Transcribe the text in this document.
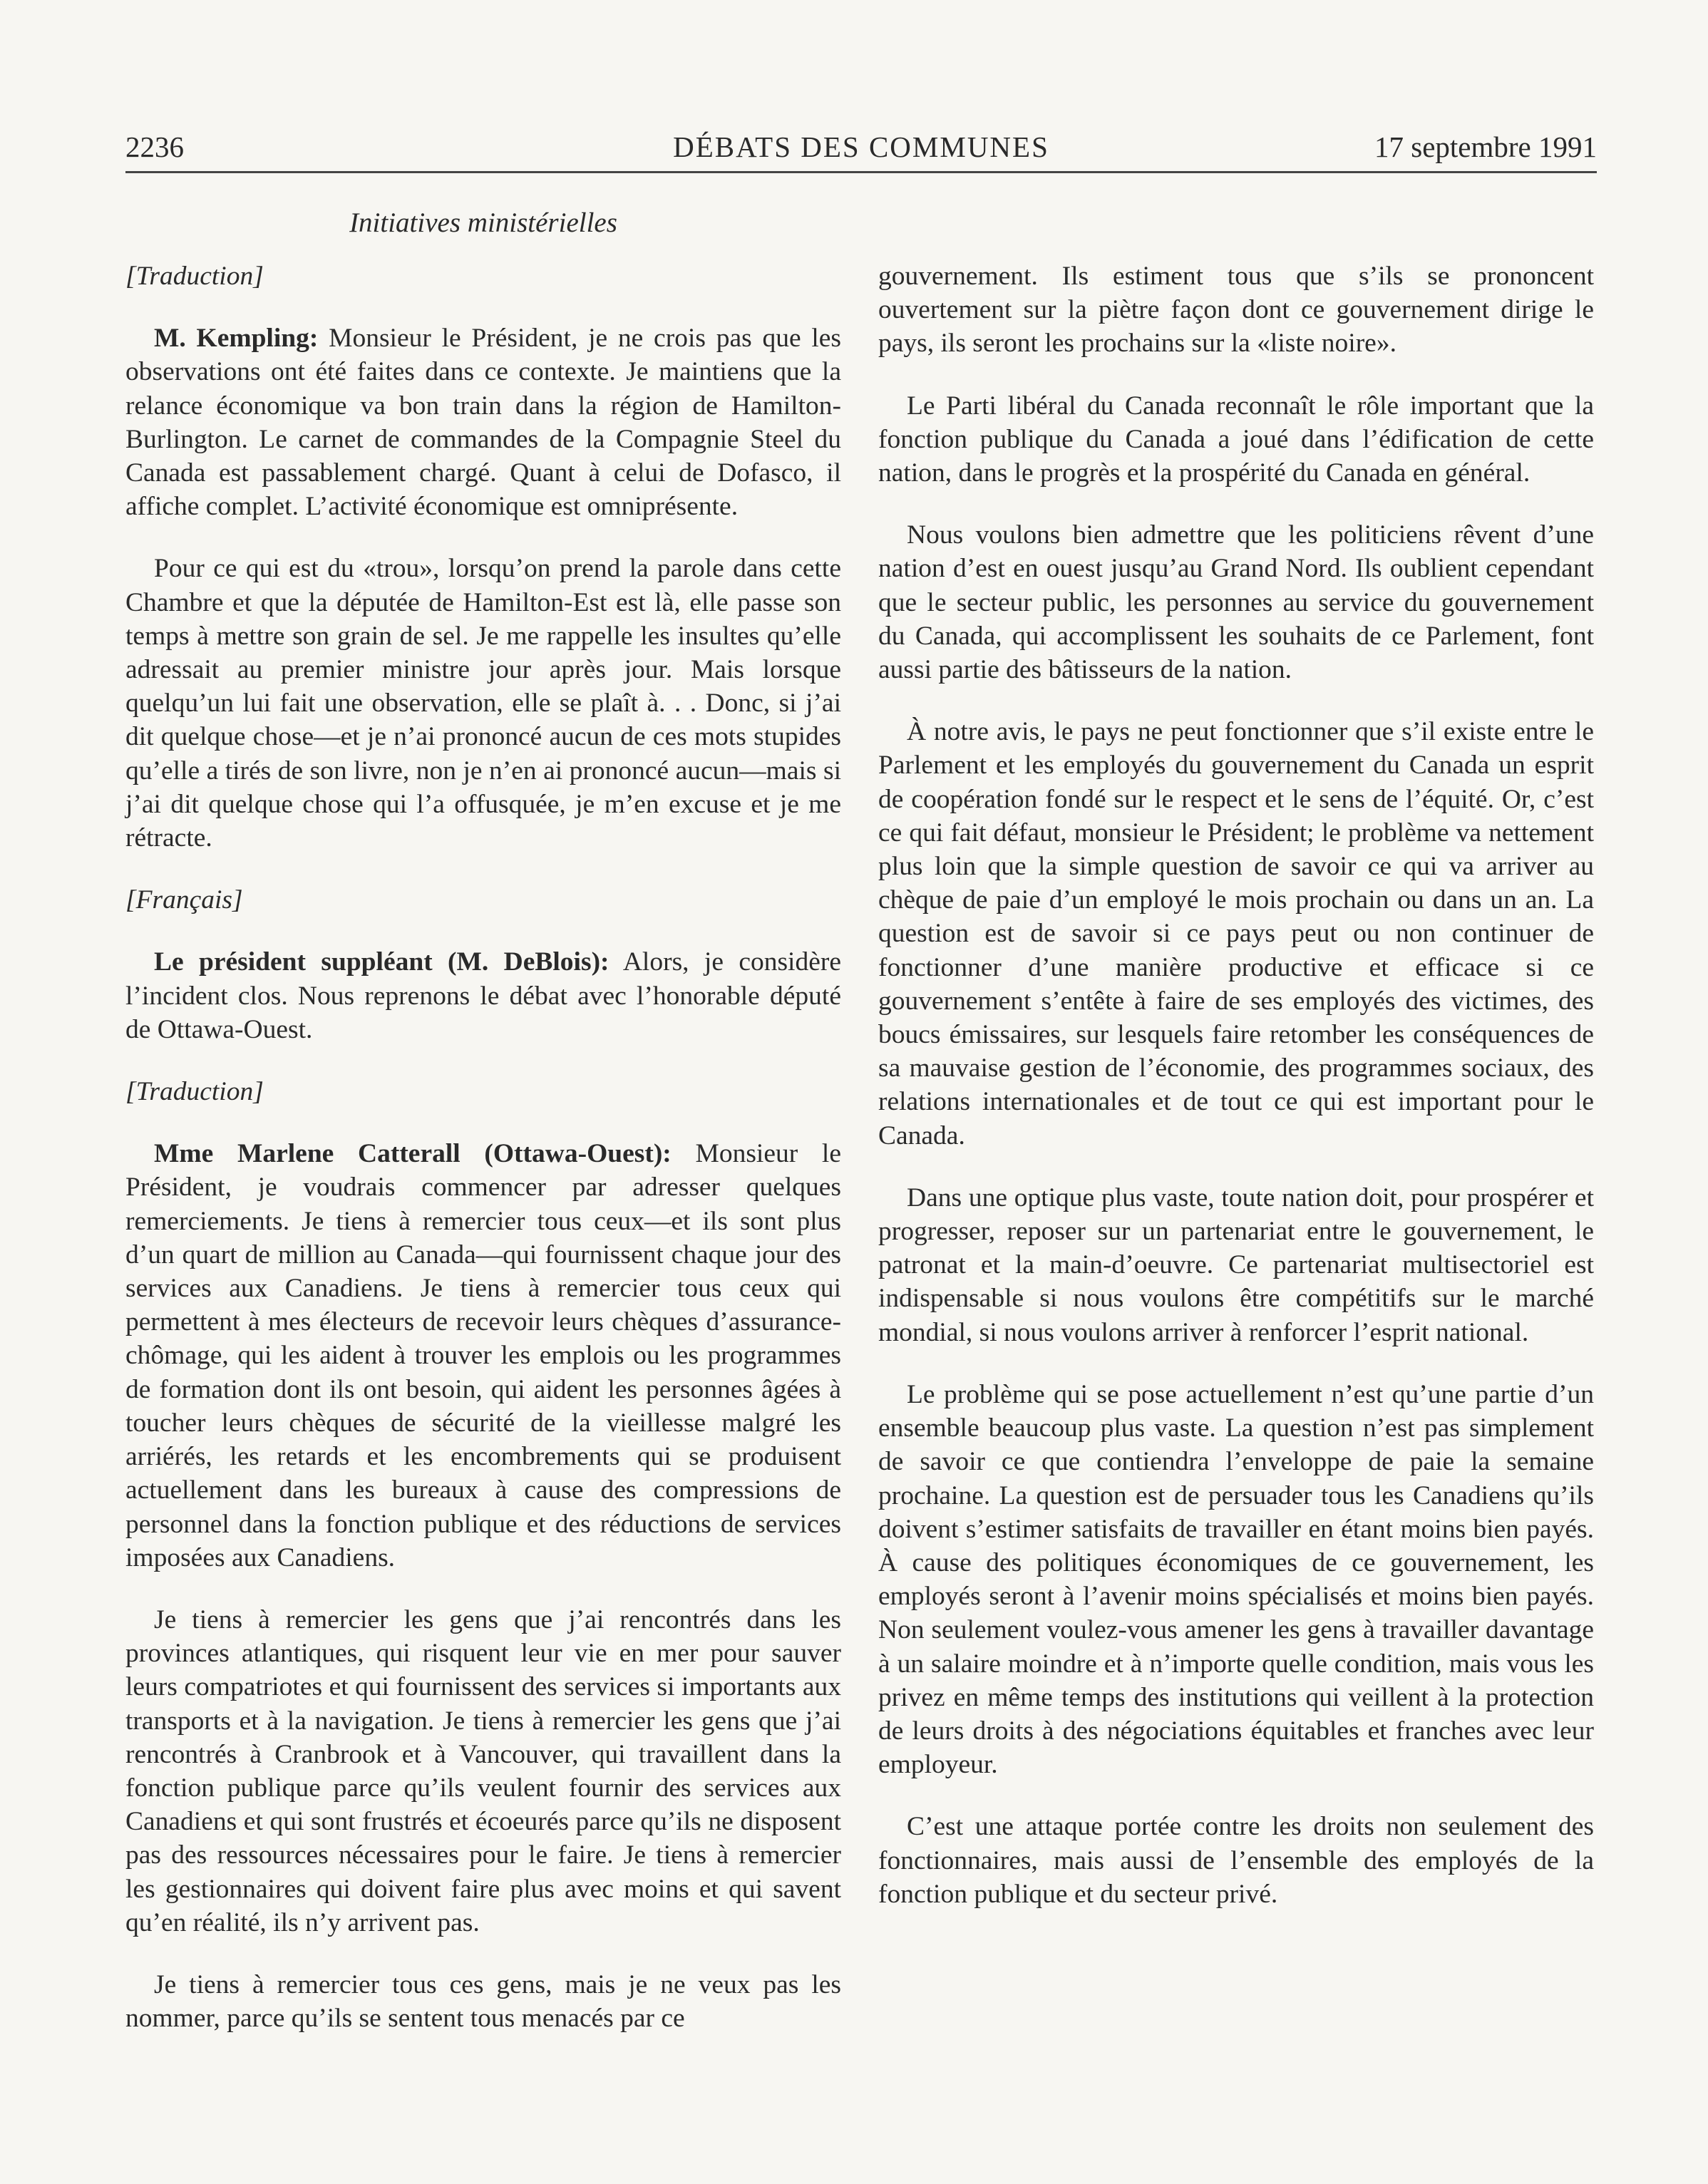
2236	DÉBATS DES COMMUNES	17 septembre 1991
Initiatives ministérielles

[Traduction]

M. Kempling: Monsieur le Président, je ne crois pas que les observations ont été faites dans ce contexte. Je maintiens que la relance économique va bon train dans la région de Hamilton-Burlington. Le carnet de commandes de la Compagnie Steel du Canada est passablement chargé. Quant à celui de Dofasco, il affiche complet. L’activité économique est omniprésente.

Pour ce qui est du «trou», lorsqu’on prend la parole dans cette Chambre et que la députée de Hamilton-Est est là, elle passe son temps à mettre son grain de sel. Je me rappelle les insultes qu’elle adressait au premier ministre jour après jour. Mais lorsque quelqu’un lui fait une observation, elle se plaît à. . . Donc, si j’ai dit quelque chose—et je n’ai prononcé aucun de ces mots stupides qu’elle a tirés de son livre, non je n’en ai prononcé aucun—mais si j’ai dit quelque chose qui l’a offusquée, je m’en excuse et je me rétracte.

[Français]

Le président suppléant (M. DeBlois): Alors, je considère l’incident clos. Nous reprenons le débat avec l’honorable député de Ottawa-Ouest.

[Traduction]

Mme Marlene Catterall (Ottawa-Ouest): Monsieur le Président, je voudrais commencer par adresser quelques remerciements. Je tiens à remercier tous ceux—et ils sont plus d’un quart de million au Canada—qui fournissent chaque jour des services aux Canadiens. Je tiens à remercier tous ceux qui permettent à mes électeurs de recevoir leurs chèques d’assurance-chômage, qui les aident à trouver les emplois ou les programmes de formation dont ils ont besoin, qui aident les personnes âgées à toucher leurs chèques de sécurité de la vieillesse malgré les arriérés, les retards et les encombrements qui se produisent actuellement dans les bureaux à cause des compressions de personnel dans la fonction publique et des réductions de services imposées aux Canadiens.

Je tiens à remercier les gens que j’ai rencontrés dans les provinces atlantiques, qui risquent leur vie en mer pour sauver leurs compatriotes et qui fournissent des services si importants aux transports et à la navigation. Je tiens à remercier les gens que j’ai rencontrés à Cranbrook et à Vancouver, qui travaillent dans la fonction publique parce qu’ils veulent fournir des services aux Canadiens et qui sont frustrés et écoeurés parce qu’ils ne disposent pas des ressources nécessaires pour le faire. Je tiens à remercier les gestionnaires qui doivent faire plus avec moins et qui savent qu’en réalité, ils n’y arrivent pas.

Je tiens à remercier tous ces gens, mais je ne veux pas les nommer, parce qu’ils se sentent tous menacés par ce

gouvernement. Ils estiment tous que s’ils se prononcent ouvertement sur la piètre façon dont ce gouvernement dirige le pays, ils seront les prochains sur la «liste noire».

Le Parti libéral du Canada reconnaît le rôle important que la fonction publique du Canada a joué dans l’édification de cette nation, dans le progrès et la prospérité du Canada en général.

Nous voulons bien admettre que les politiciens rêvent d’une nation d’est en ouest jusqu’au Grand Nord. Ils oublient cependant que le secteur public, les personnes au service du gouvernement du Canada, qui accomplissent les souhaits de ce Parlement, font aussi partie des bâtisseurs de la nation.

À notre avis, le pays ne peut fonctionner que s’il existe entre le Parlement et les employés du gouvernement du Canada un esprit de coopération fondé sur le respect et le sens de l’équité. Or, c’est ce qui fait défaut, monsieur le Président; le problème va nettement plus loin que la simple question de savoir ce qui va arriver au chèque de paie d’un employé le mois prochain ou dans un an. La question est de savoir si ce pays peut ou non continuer de fonctionner d’une manière productive et efficace si ce gouvernement s’entête à faire de ses employés des victimes, des boucs émissaires, sur lesquels faire retomber les conséquences de sa mauvaise gestion de l’économie, des programmes sociaux, des relations internationales et de tout ce qui est important pour le Canada.

Dans une optique plus vaste, toute nation doit, pour prospérer et progresser, reposer sur un partenariat entre le gouvernement, le patronat et la main-d’oeuvre. Ce partenariat multisectoriel est indispensable si nous voulons être compétitifs sur le marché mondial, si nous voulons arriver à renforcer l’esprit national.

Le problème qui se pose actuellement n’est qu’une partie d’un ensemble beaucoup plus vaste. La question n’est pas simplement de savoir ce que contiendra l’enveloppe de paie la semaine prochaine. La question est de persuader tous les Canadiens qu’ils doivent s’estimer satisfaits de travailler en étant moins bien payés. À cause des politiques économiques de ce gouvernement, les employés seront à l’avenir moins spécialisés et moins bien payés. Non seulement voulez-vous amener les gens à travailler davantage à un salaire moindre et à n’importe quelle condition, mais vous les privez en même temps des institutions qui veillent à la protection de leurs droits à des négociations équitables et franches avec leur employeur.

C’est une attaque portée contre les droits non seulement des fonctionnaires, mais aussi de l’ensemble des employés de la fonction publique et du secteur privé.
